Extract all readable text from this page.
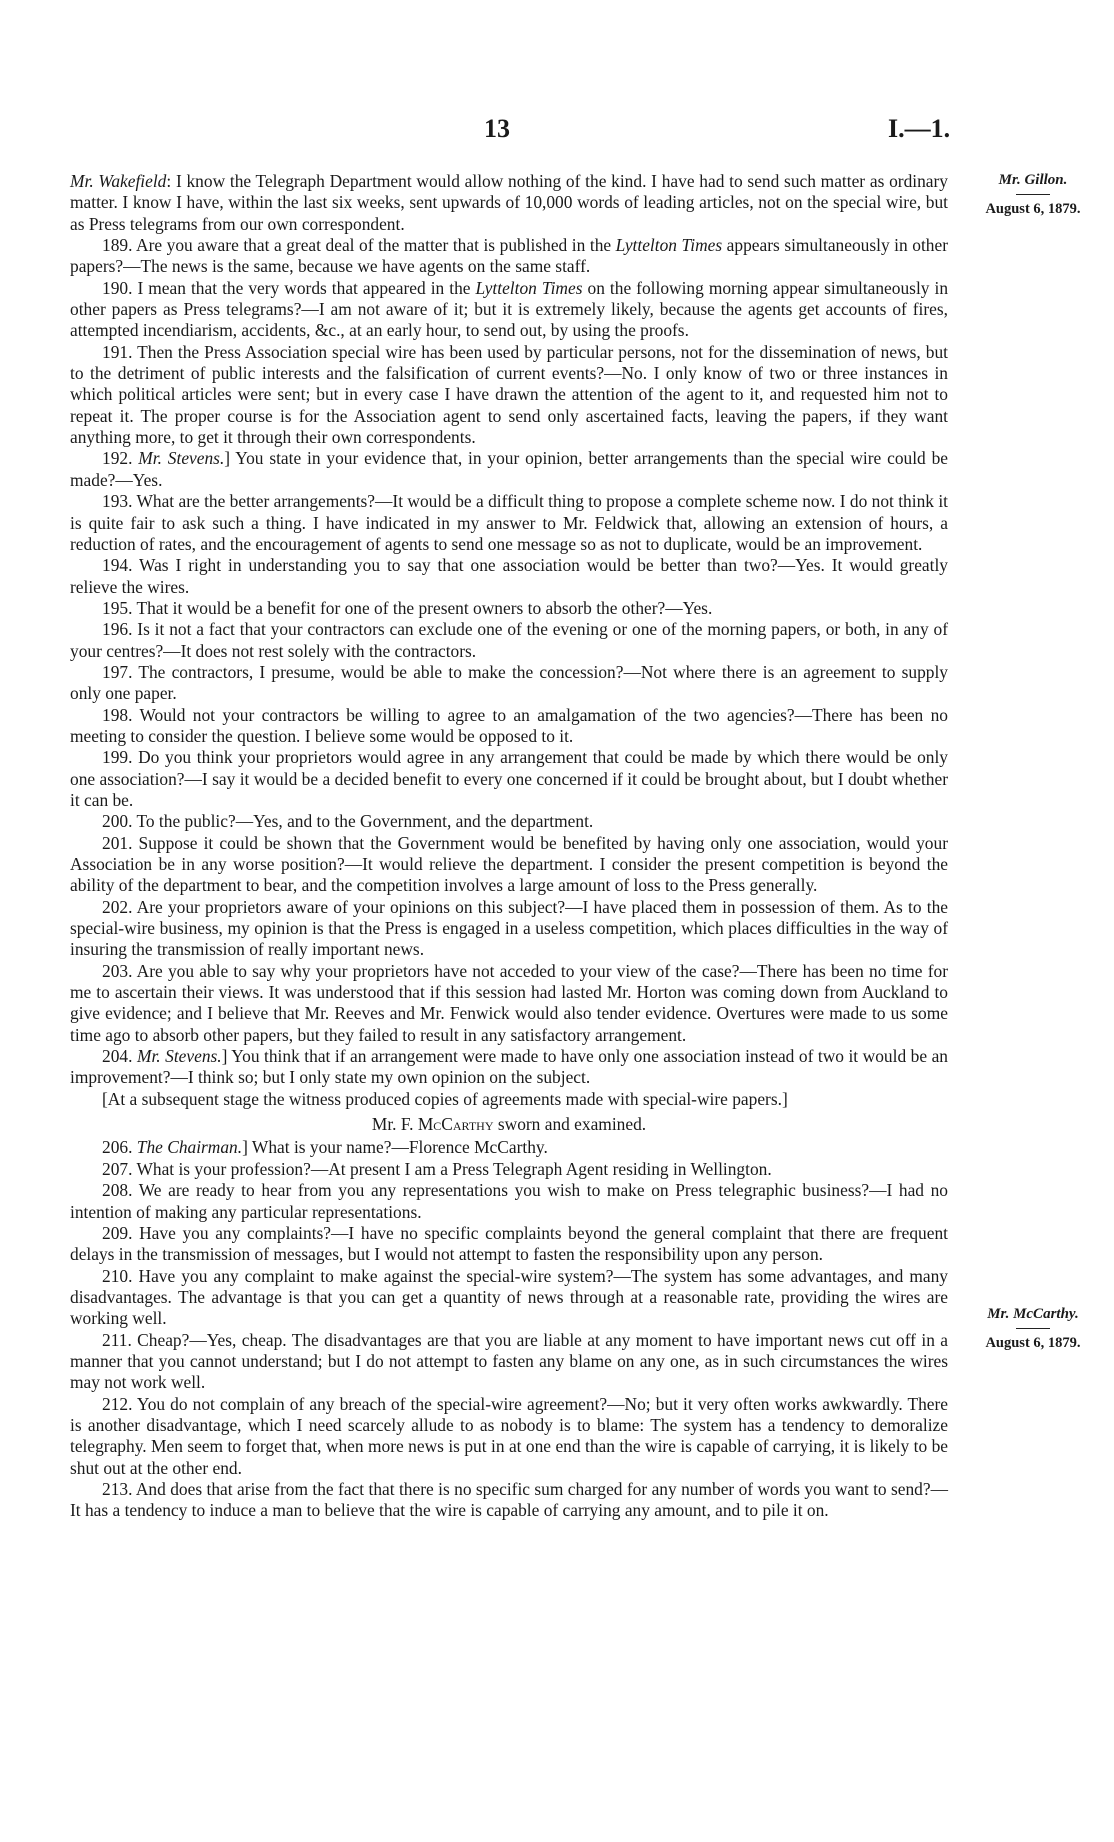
13	I.—1.
Mr. Gillon.
August 6, 1879.
Mr. McCarthy.
August 6, 1879.

Mr. Wakefield: I know the Telegraph Department would allow nothing of the kind. I have had to send such matter as ordinary matter. I know I have, within the last six weeks, sent upwards of 10,000 words of leading articles, not on the special wire, but as Press telegrams from our own correspondent.

189. Are you aware that a great deal of the matter that is published in the Lyttelton Times appears simultaneously in other papers?—The news is the same, because we have agents on the same staff.

190. I mean that the very words that appeared in the Lyttelton Times on the following morning appear simultaneously in other papers as Press telegrams?—I am not aware of it; but it is extremely likely, because the agents get accounts of fires, attempted incendiarism, accidents, &c., at an early hour, to send out, by using the proofs.

191. Then the Press Association special wire has been used by particular persons, not for the dissemination of news, but to the detriment of public interests and the falsification of current events?—No. I only know of two or three instances in which political articles were sent; but in every case I have drawn the attention of the agent to it, and requested him not to repeat it. The proper course is for the Association agent to send only ascertained facts, leaving the papers, if they want anything more, to get it through their own correspondents.

192. Mr. Stevens.] You state in your evidence that, in your opinion, better arrangements than the special wire could be made?—Yes.

193. What are the better arrangements?—It would be a difficult thing to propose a complete scheme now. I do not think it is quite fair to ask such a thing. I have indicated in my answer to Mr. Feldwick that, allowing an extension of hours, a reduction of rates, and the encouragement of agents to send one message so as not to duplicate, would be an improvement.

194. Was I right in understanding you to say that one association would be better than two?—Yes. It would greatly relieve the wires.

195. That it would be a benefit for one of the present owners to absorb the other?—Yes.

196. Is it not a fact that your contractors can exclude one of the evening or one of the morning papers, or both, in any of your centres?—It does not rest solely with the contractors.

197. The contractors, I presume, would be able to make the concession?—Not where there is an agreement to supply only one paper.

198. Would not your contractors be willing to agree to an amalgamation of the two agencies?—There has been no meeting to consider the question. I believe some would be opposed to it.

199. Do you think your proprietors would agree in any arrangement that could be made by which there would be only one association?—I say it would be a decided benefit to every one concerned if it could be brought about, but I doubt whether it can be.

200. To the public?—Yes, and to the Government, and the department.

201. Suppose it could be shown that the Government would be benefited by having only one association, would your Association be in any worse position?—It would relieve the department. I consider the present competition is beyond the ability of the department to bear, and the competition involves a large amount of loss to the Press generally.

202. Are your proprietors aware of your opinions on this subject?—I have placed them in possession of them. As to the special-wire business, my opinion is that the Press is engaged in a useless competition, which places difficulties in the way of insuring the transmission of really important news.

203. Are you able to say why your proprietors have not acceded to your view of the case?—There has been no time for me to ascertain their views. It was understood that if this session had lasted Mr. Horton was coming down from Auckland to give evidence; and I believe that Mr. Reeves and Mr. Fenwick would also tender evidence. Overtures were made to us some time ago to absorb other papers, but they failed to result in any satisfactory arrangement.

204. Mr. Stevens.] You think that if an arrangement were made to have only one association instead of two it would be an improvement?—I think so; but I only state my own opinion on the subject.

[At a subsequent stage the witness produced copies of agreements made with special-wire papers.]

Mr. F. McCarthy sworn and examined.

206. The Chairman.] What is your name?—Florence McCarthy.

207. What is your profession?—At present I am a Press Telegraph Agent residing in Wellington.

208. We are ready to hear from you any representations you wish to make on Press telegraphic business?—I had no intention of making any particular representations.

209. Have you any complaints?—I have no specific complaints beyond the general complaint that there are frequent delays in the transmission of messages, but I would not attempt to fasten the responsibility upon any person.

210. Have you any complaint to make against the special-wire system?—The system has some advantages, and many disadvantages. The advantage is that you can get a quantity of news through at a reasonable rate, providing the wires are working well.

211. Cheap?—Yes, cheap. The disadvantages are that you are liable at any moment to have important news cut off in a manner that you cannot understand; but I do not attempt to fasten any blame on any one, as in such circumstances the wires may not work well.

212. You do not complain of any breach of the special-wire agreement?—No; but it very often works awkwardly. There is another disadvantage, which I need scarcely allude to as nobody is to blame: The system has a tendency to demoralize telegraphy. Men seem to forget that, when more news is put in at one end than the wire is capable of carrying, it is likely to be shut out at the other end.

213. And does that arise from the fact that there is no specific sum charged for any number of words you want to send?—It has a tendency to induce a man to believe that the wire is capable of carrying any amount, and to pile it on.
